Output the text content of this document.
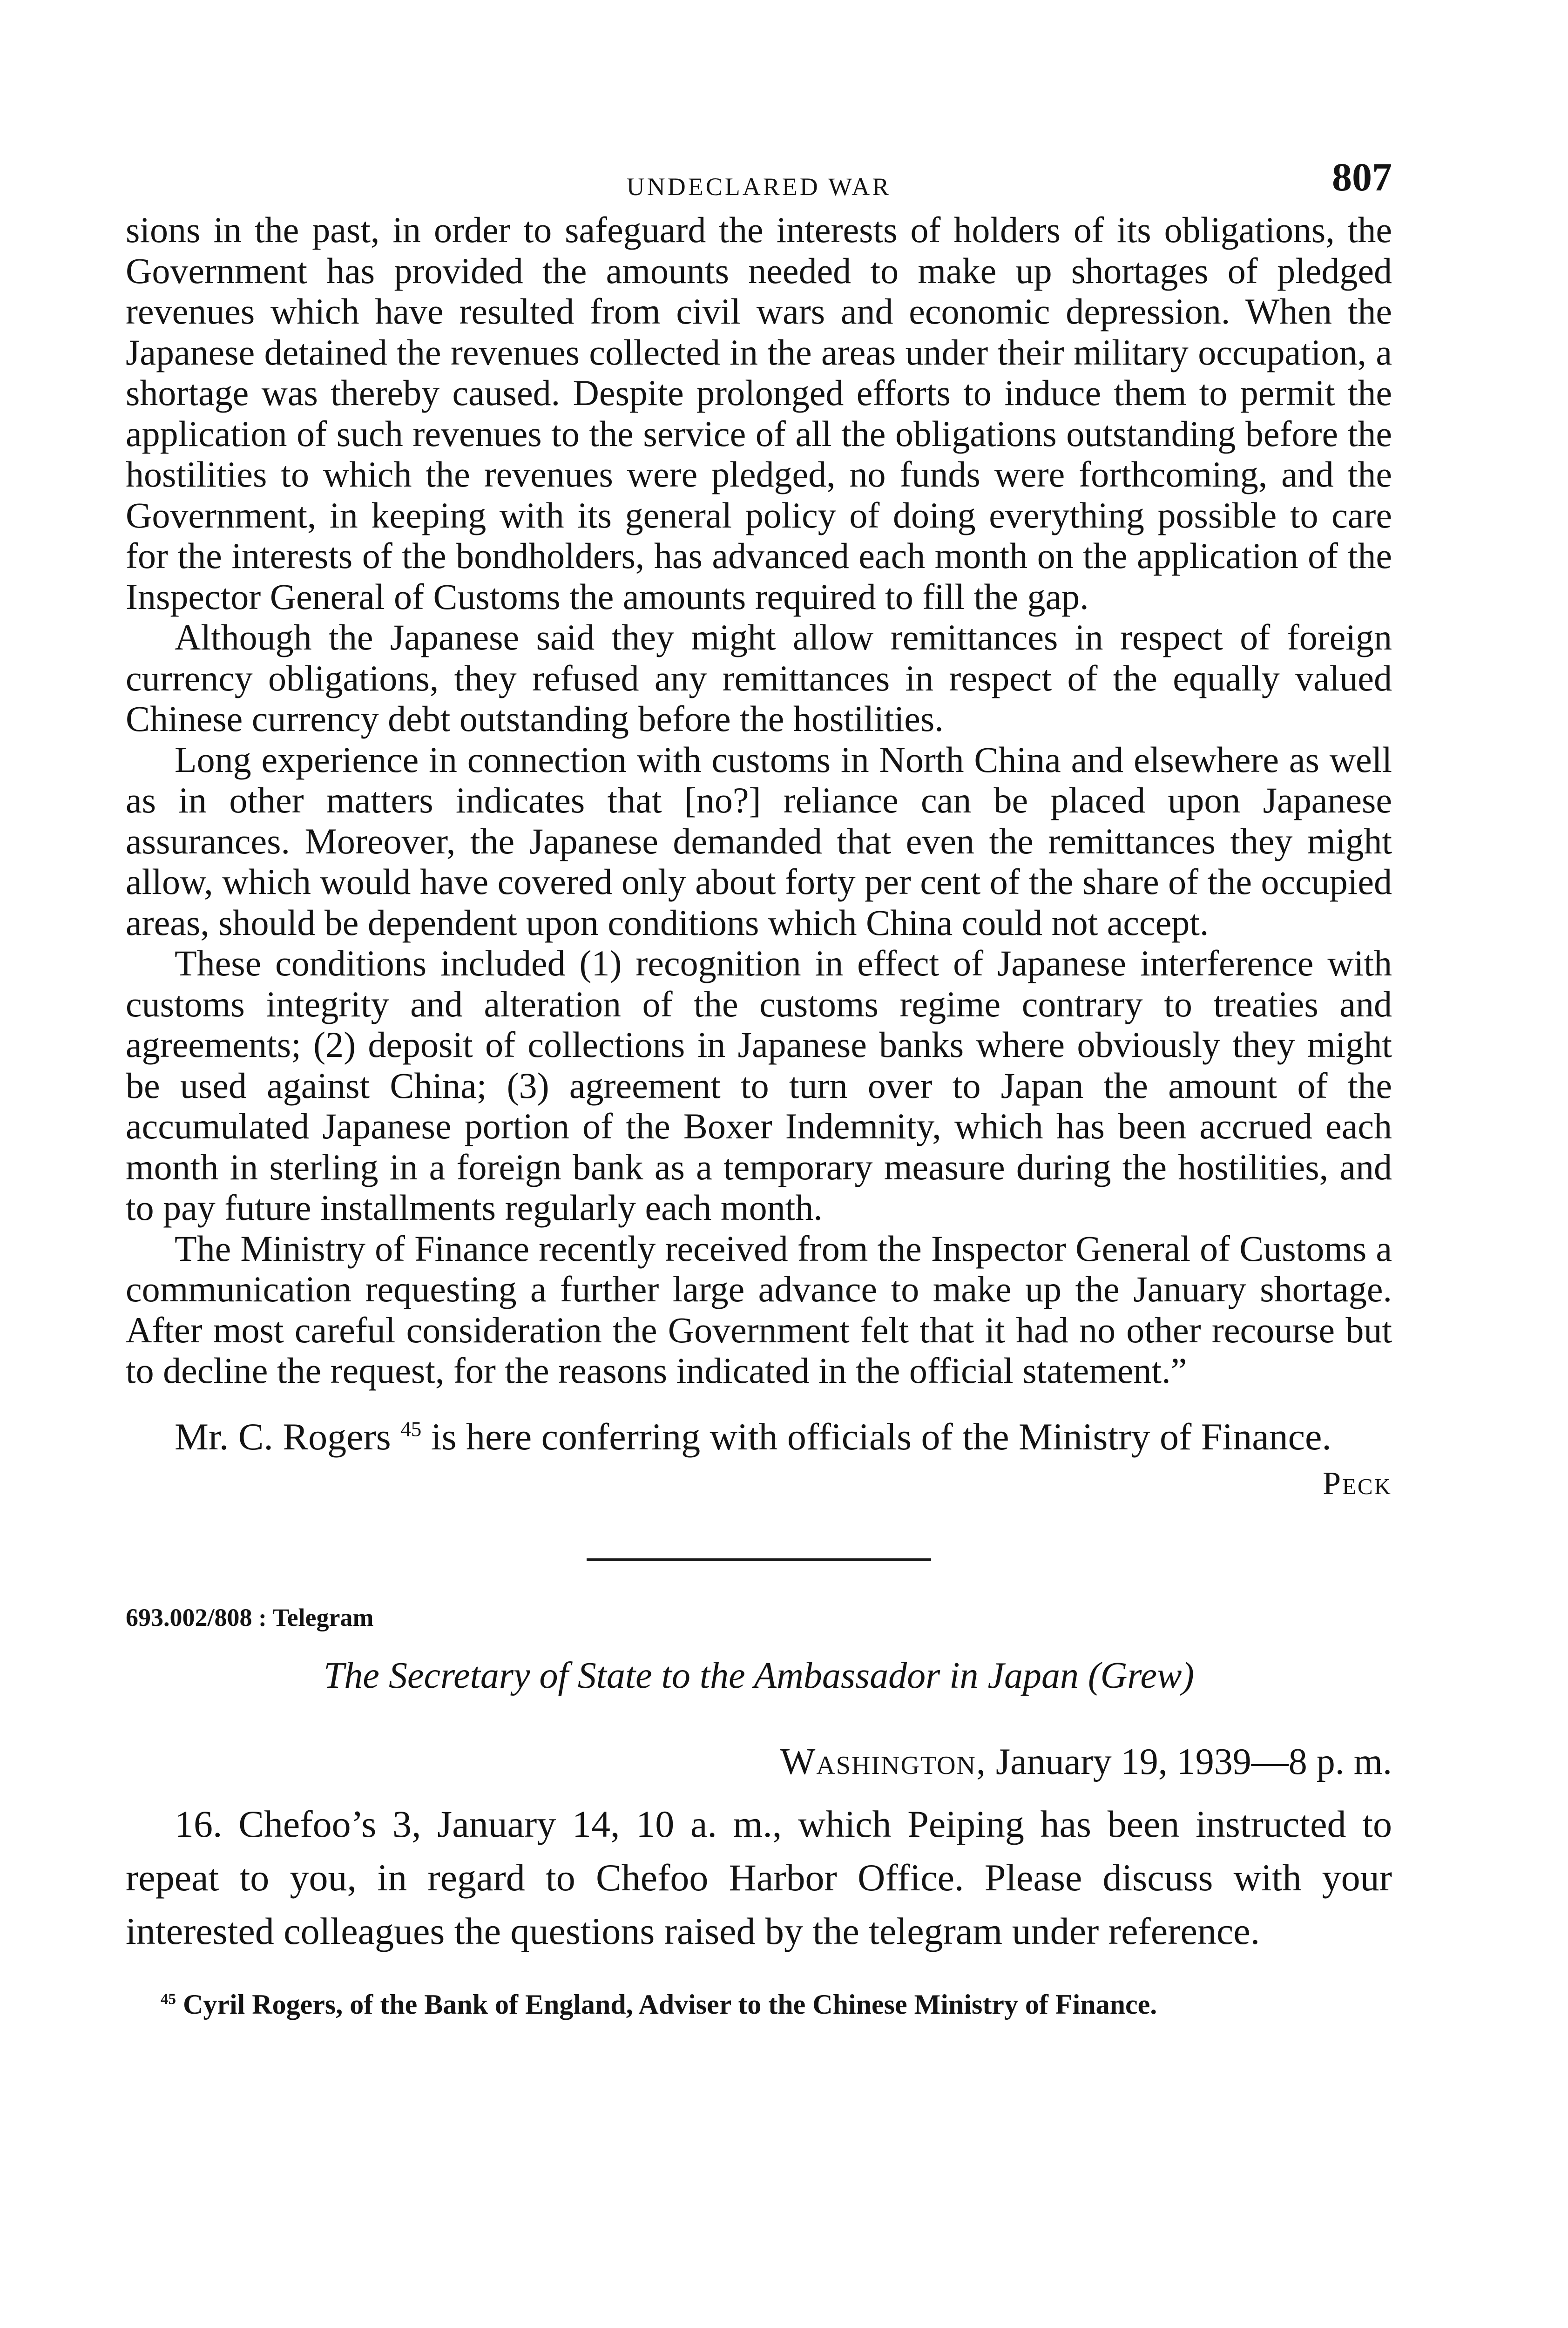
UNDECLARED WAR	807

sions in the past, in order to safeguard the interests of holders of its obligations, the Government has provided the amounts needed to make up shortages of pledged revenues which have resulted from civil wars and economic depression. When the Japanese detained the revenues collected in the areas under their military occupation, a shortage was thereby caused. Despite prolonged efforts to induce them to permit the application of such revenues to the service of all the obligations outstanding before the hostilities to which the revenues were pledged, no funds were forthcoming, and the Government, in keeping with its general policy of doing everything possible to care for the interests of the bondholders, has advanced each month on the application of the Inspector General of Customs the amounts required to fill the gap.

Although the Japanese said they might allow remittances in respect of foreign currency obligations, they refused any remittances in respect of the equally valued Chinese currency debt outstanding before the hostilities.

Long experience in connection with customs in North China and elsewhere as well as in other matters indicates that [no?] reliance can be placed upon Japanese assurances. Moreover, the Japanese demanded that even the remittances they might allow, which would have covered only about forty per cent of the share of the occupied areas, should be dependent upon conditions which China could not accept.

These conditions included (1) recognition in effect of Japanese interference with customs integrity and alteration of the customs regime contrary to treaties and agreements; (2) deposit of collections in Japanese banks where obviously they might be used against China; (3) agreement to turn over to Japan the amount of the accumulated Japanese portion of the Boxer Indemnity, which has been accrued each month in sterling in a foreign bank as a temporary measure during the hostilities, and to pay future installments regularly each month.

The Ministry of Finance recently received from the Inspector General of Customs a communication requesting a further large advance to make up the January shortage. After most careful consideration the Government felt that it had no other recourse but to decline the request, for the reasons indicated in the official statement.”

Mr. C. Rogers $^{45}$ is here conferring with officials of the Ministry of Finance.

Peck

693.002/808 : Telegram

The Secretary of State to the Ambassador in Japan (Grew)

Washington, January 19, 1939—8 p. m.

16. Chefoo’s 3, January 14, 10 a. m., which Peiping has been instructed to repeat to you, in regard to Chefoo Harbor Office. Please discuss with your interested colleagues the questions raised by the telegram under reference.

$^{45}$ Cyril Rogers, of the Bank of England, Adviser to the Chinese Ministry of Finance.
